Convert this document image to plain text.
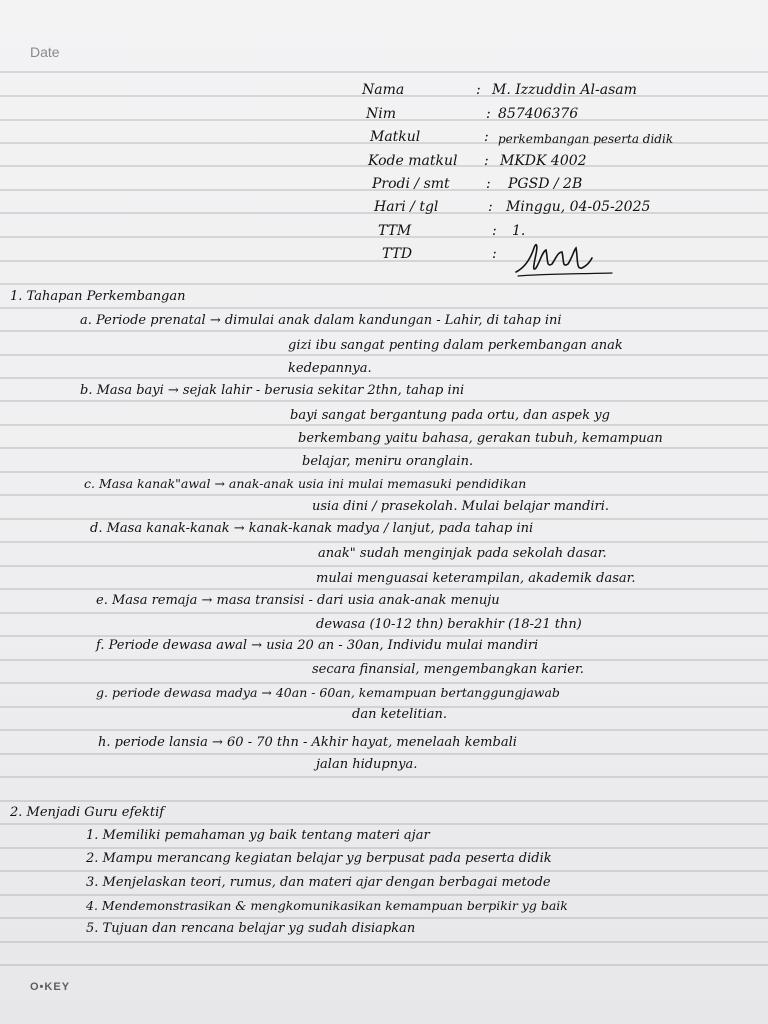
Date
Nama	: M. Izzuddin Al-asam
Nim	: 857406376
Matkul	: perkembangan peserta didik
Kode matkul : MKDK 4002
Prodi / smt	: PGSD / 2B
Hari / tgl	: Minggu, 04-05-2025
TTM	: 1.
TTD	:
1. Tahapan Perkembangan
a. Periode prenatal → dimulai anak dalam kandungan - Lahir, di tahap ini
gizi ibu sangat penting dalam perkembangan anak
kedepannya.
b. Masa bayi → sejak lahir - berusia sekitar 2thn, tahap ini
bayi sangat bergantung pada ortu, dan aspek yg
berkembang yaitu bahasa, gerakan tubuh, kemampuan
belajar, meniru oranglain.
c. Masa kanak"awal → anak-anak usia ini mulai memasuki pendidikan
usia dini / prasekolah. Mulai belajar mandiri.
d. Masa kanak-kanak → kanak-kanak madya / lanjut, pada tahap ini
anak" sudah menginjak pada sekolah dasar.
mulai menguasai keterampilan, akademik dasar.
e. Masa remaja → masa transisi - dari usia anak-anak menuju
dewasa (10-12 thn) berakhir (18-21 thn)
f. Periode dewasa awal → usia 20 an - 30an, Individu mulai mandiri
secara finansial, mengembangkan karier.
g. periode dewasa madya → 40an - 60an, kemampuan bertanggungjawab
dan ketelitian.
h. periode lansia → 60 - 70 thn - Akhir hayat, menelaah kembali
jalan hidupnya.
2. Menjadi Guru efektif
1. Memiliki pemahaman yg baik tentang materi ajar
2. Mampu merancang kegiatan belajar yg berpusat pada peserta didik
3. Menjelaskan teori, rumus, dan materi ajar dengan berbagai metode
4. Mendemonstrasikan & mengkomunikasikan kemampuan berpikir yg baik
5. Tujuan dan rencana belajar yg sudah disiapkan
O•KEY
